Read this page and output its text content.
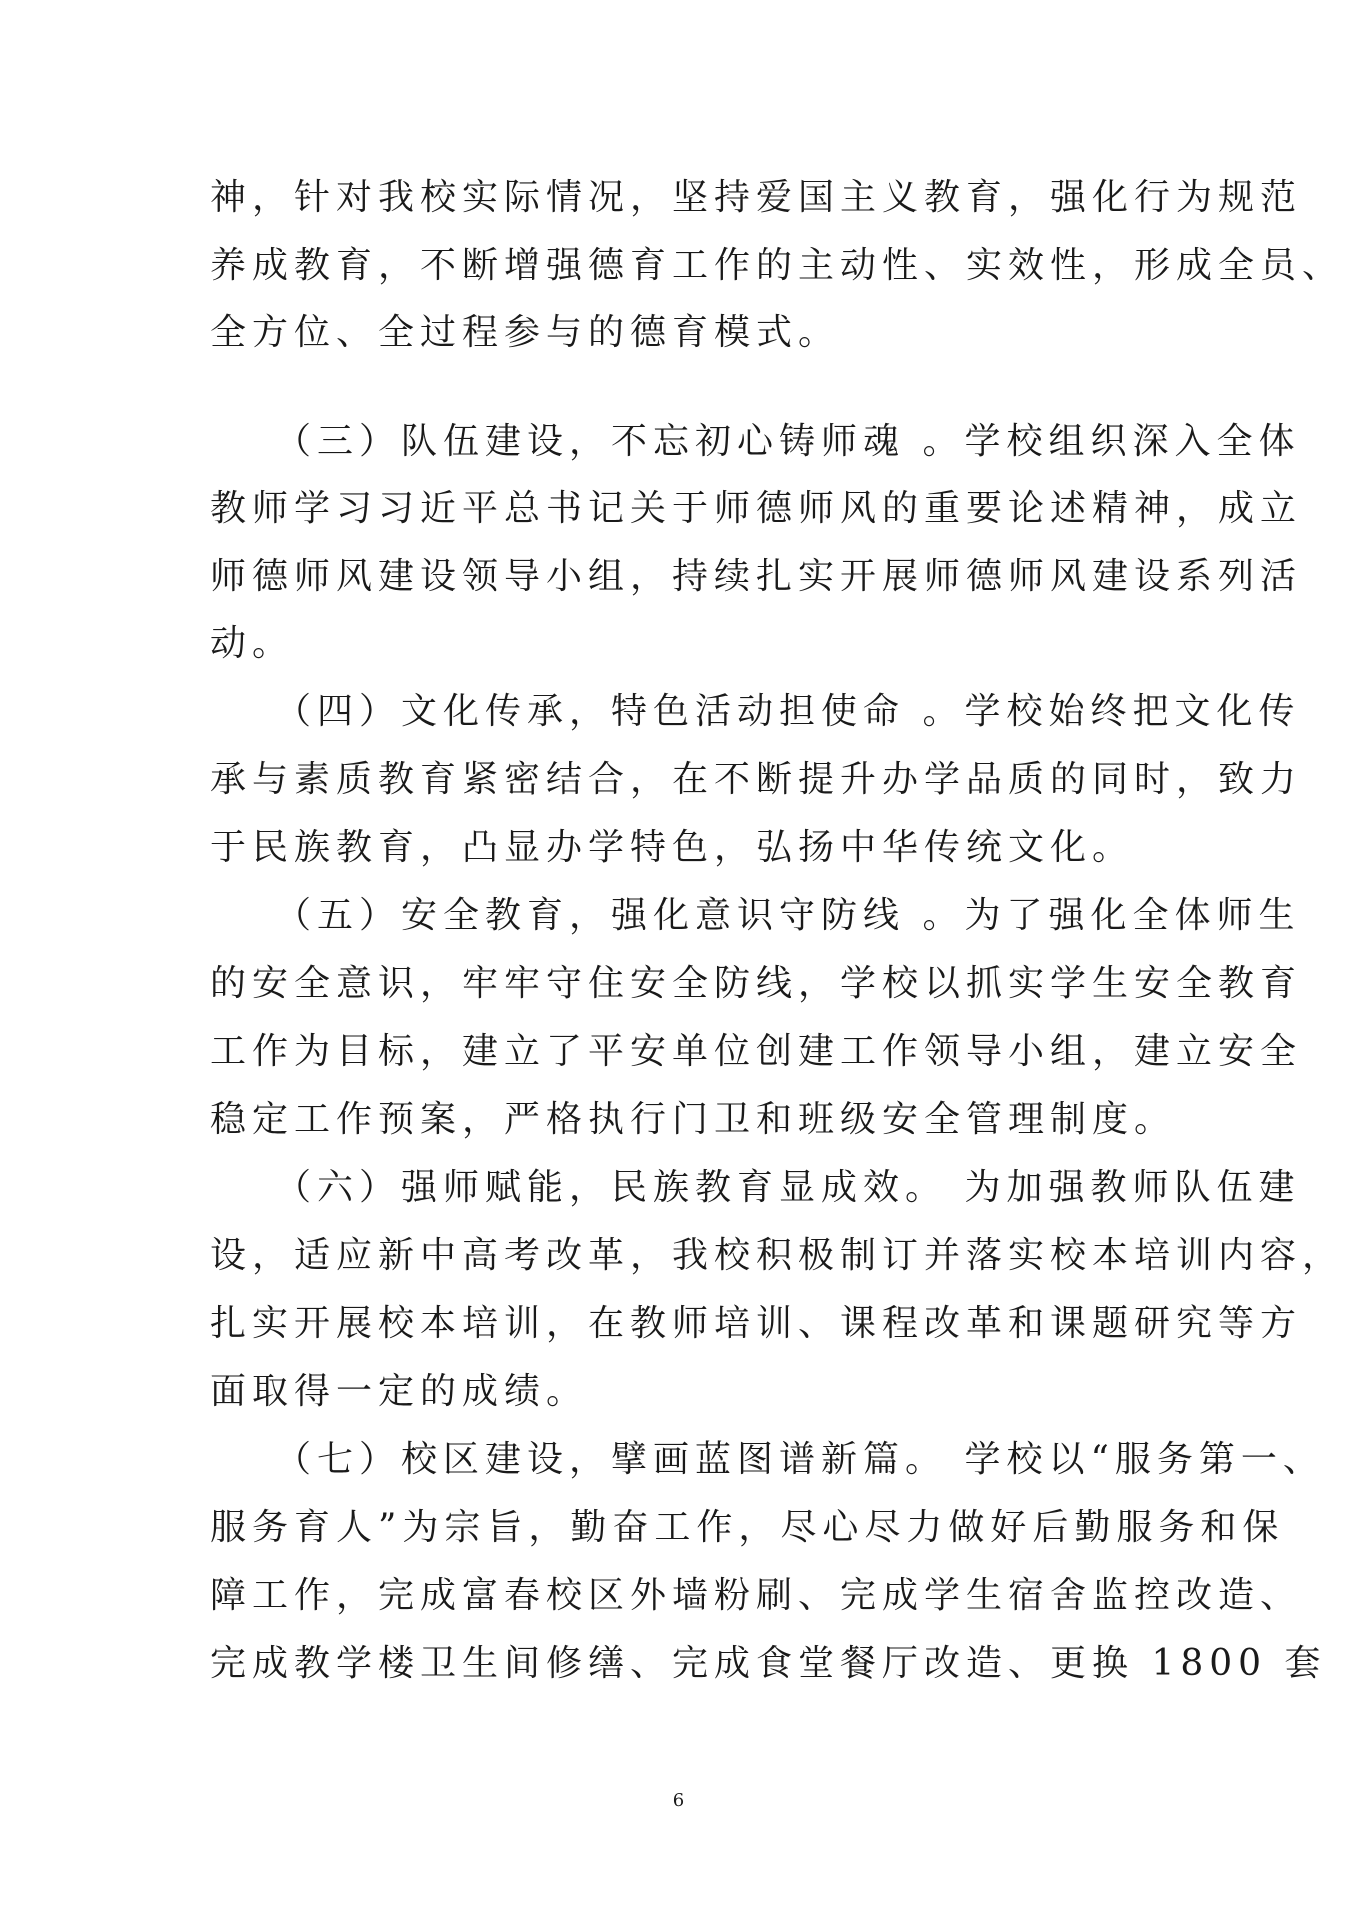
神，针对我校实际情况，坚持爱国主义教育，强化行为规范
养成教育，不断增强德育工作的主动性、实效性，形成全员、
全方位、全过程参与的德育模式。
（三）队伍建设，不忘初心铸师魂 。学校组织深入全体
教师学习习近平总书记关于师德师风的重要论述精神，成立
师德师风建设领导小组，持续扎实开展师德师风建设系列活
动。
（四）文化传承，特色活动担使命 。学校始终把文化传
承与素质教育紧密结合，在不断提升办学品质的同时，致力
于民族教育，凸显办学特色，弘扬中华传统文化。
（五）安全教育，强化意识守防线 。为了强化全体师生
的安全意识，牢牢守住安全防线，学校以抓实学生安全教育
工作为目标，建立了平安单位创建工作领导小组，建立安全
稳定工作预案，严格执行门卫和班级安全管理制度。
（六）强师赋能，民族教育显成效。 为加强教师队伍建
设，适应新中高考改革，我校积极制订并落实校本培训内容，
扎实开展校本培训，在教师培训、课程改革和课题研究等方
面取得一定的成绩。
（七）校区建设，擘画蓝图谱新篇。 学校以“服务第一、
服务育人”为宗旨，勤奋工作，尽心尽力做好后勤服务和保
障工作，完成富春校区外墙粉刷、完成学生宿舍监控改造、
完成教学楼卫生间修缮、完成食堂餐厅改造、更换 1800 套
6
